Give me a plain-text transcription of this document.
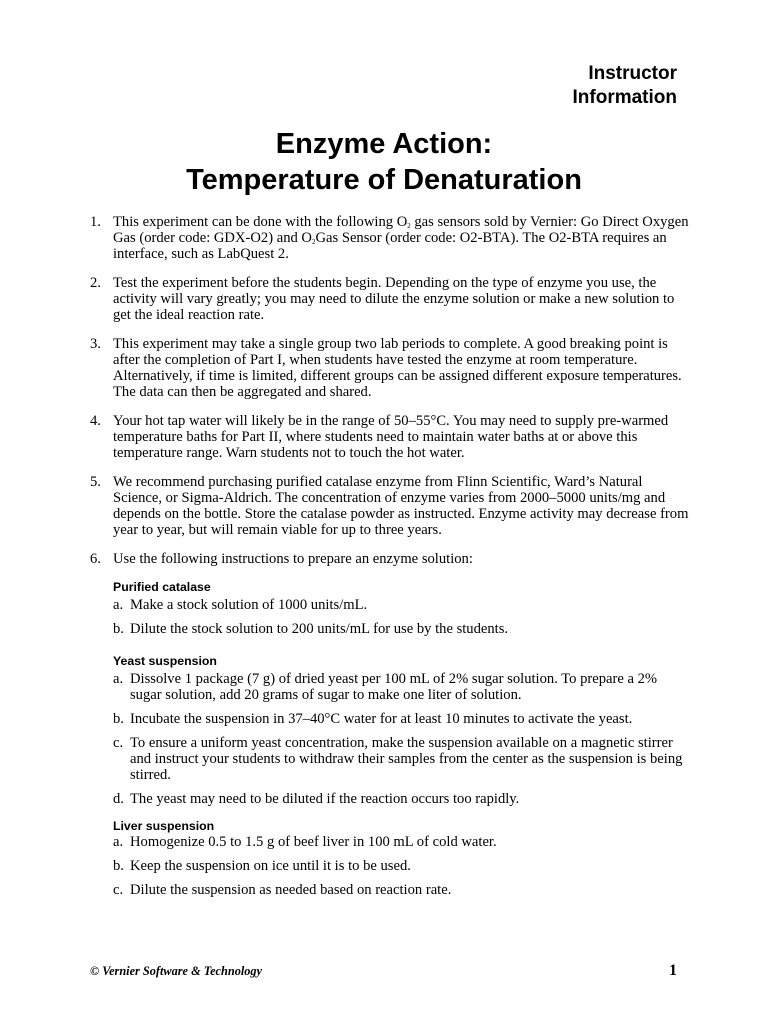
Instructor
Information
Enzyme Action:
Temperature of Denaturation
1. This experiment can be done with the following $O_2$ gas sensors sold by Vernier: Go Direct Oxygen Gas (order code: GDX-O2) and $O_2Gas$ Sensor (order code: O2-BTA). The O2-BTA requires an interface, such as LabQuest 2.
2. Test the experiment before the students begin. Depending on the type of enzyme you use, the activity will vary greatly; you may need to dilute the enzyme solution or make a new solution to get the ideal reaction rate.
3. This experiment may take a single group two lab periods to complete. A good breaking point is after the completion of Part I, when students have tested the enzyme at room temperature. Alternatively, if time is limited, different groups can be assigned different exposure temperatures. The data can then be aggregated and shared.
4. Your hot tap water will likely be in the range of 50–55°C. You may need to supply pre-warmed temperature baths for Part II, where students need to maintain water baths at or above this temperature range. Warn students not to touch the hot water.
5. We recommend purchasing purified catalase enzyme from Flinn Scientific, Ward’s Natural Science, or Sigma-Aldrich. The concentration of enzyme varies from 2000–5000 units/mg and depends on the bottle. Store the catalase powder as instructed. Enzyme activity may decrease from year to year, but will remain viable for up to three years.
6. Use the following instructions to prepare an enzyme solution:
Purified catalase
a. Make a stock solution of 1000 units/mL.
b. Dilute the stock solution to 200 units/mL for use by the students.
Yeast suspension
a. Dissolve 1 package (7 g) of dried yeast per 100 mL of 2% sugar solution. To prepare a 2% sugar solution, add 20 grams of sugar to make one liter of solution.
b. Incubate the suspension in 37–40°C water for at least 10 minutes to activate the yeast.
c. To ensure a uniform yeast concentration, make the suspension available on a magnetic stirrer and instruct your students to withdraw their samples from the center as the suspension is being stirred.
d. The yeast may need to be diluted if the reaction occurs too rapidly.
Liver suspension
a. Homogenize 0.5 to 1.5 g of beef liver in 100 mL of cold water.
b. Keep the suspension on ice until it is to be used.
c. Dilute the suspension as needed based on reaction rate.
© Vernier Software & Technology	1
